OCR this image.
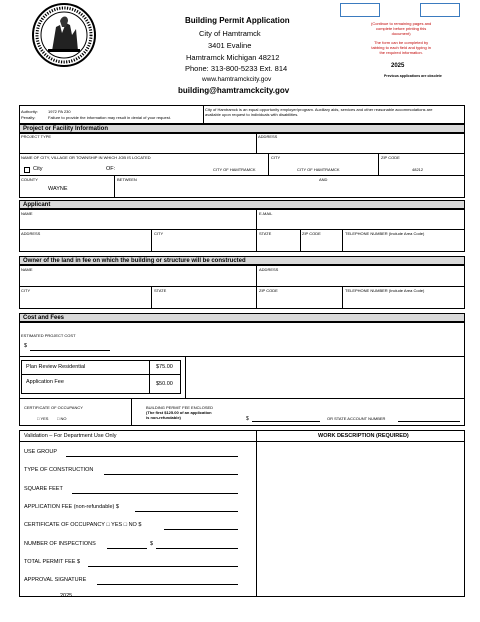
Building Permit Application
City of Hamtramck
3401 Evaline
Hamtramck Michigan 48212
Phone: 313-800-5233 Ext. 814
www.hamtramckcity.gov
building@hamtramckcity.gov
(Continue to remaining pages and
complete before printing this
document)
The form can be completed by
tabbing to each field and typing in
the required information.
2025
Previous applications are obsolete
Authority:	1972 PA 230
Penalty:	Failure to provide the information may result in denial of your request.
City of Hamtramck is an equal opportunity employer/program. Auxiliary aids, services and other reasonable accommodations are available upon request to individuals with disabilities.
Project or Facility Information
PROJECT TYPE	ADDRESS
NAME OF CITY, VILLAGE OR TOWNSHIP IN WHICH JOB IS LOCATED	CITY	ZIP CODE
City	OF:	CITY OF HAMTRAMCK	CITY OF HAMTRAMCK	48212
COUNTY
WAYNE
BETWEEN	AND
Applicant
NAME	E-MAIL
ADDRESS	CITY	STATE	ZIP CODE	TELEPHONE NUMBER (Include Area Code)
Owner of the land in fee on which the building or structure will be constructed
NAME	ADDRESS
CITY	STATE	ZIP CODE	TELEPHONE NUMBER (Include Area Code)
Cost and Fees
ESTIMATED PROJECT COST
$
Plan Review Residential	$75.00
Application Fee	$50.00
CERTIFICATE OF OCCUPANCY
□ YES □ NO
BUILDING PERMIT FEE ENCLOSED
(The first $125.00 of an application
is non-refundable)	$	OR STATE ACCOUNT NUMBER
Validation – For Department Use Only	WORK DESCRIPTION (REQUIRED)
USE GROUP
TYPE OF CONSTRUCTION
SQUARE FEET
APPLICATION FEE (non-refundable) $
CERTIFICATE OF OCCUPANCY □ YES □ NO $
NUMBER OF INSPECTIONS	$
TOTAL PERMIT FEE $
APPROVAL SIGNATURE
2025
